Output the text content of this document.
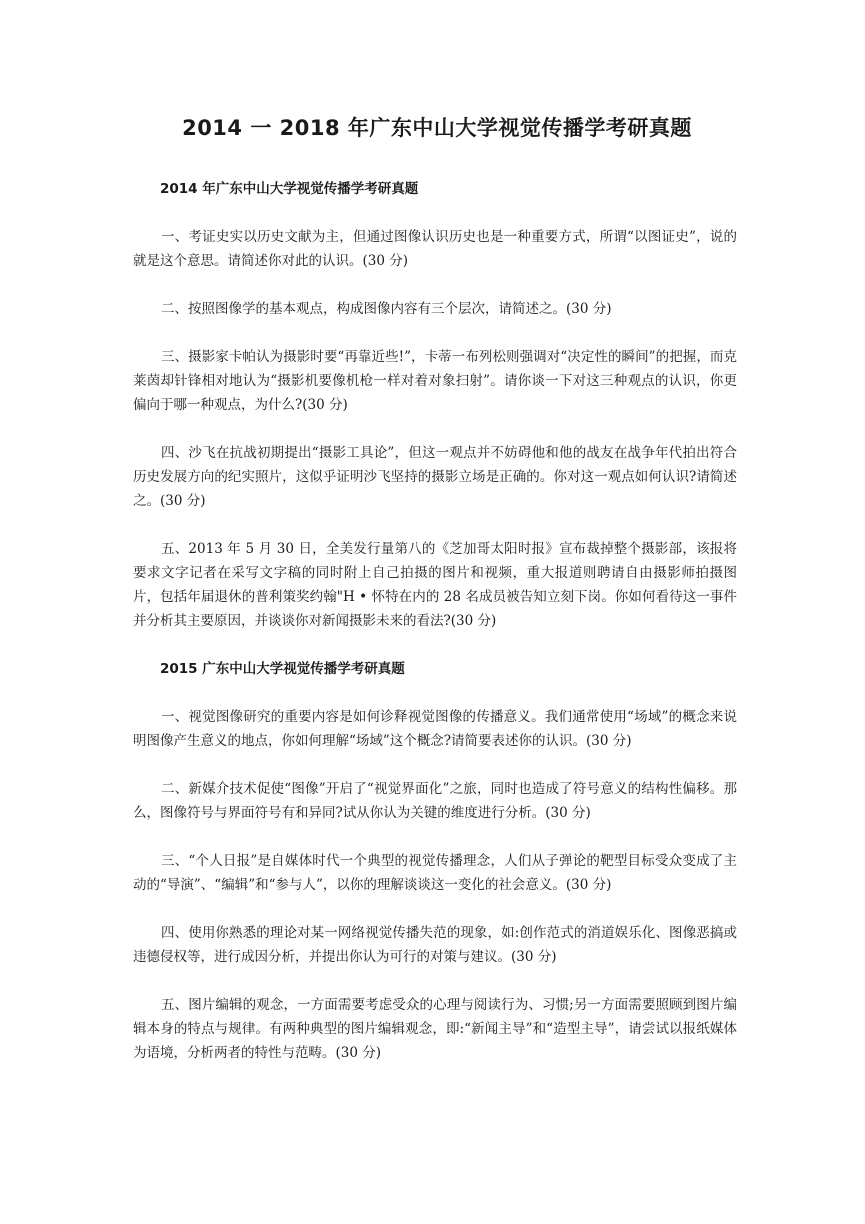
2014 一 2018 年广东中山大学视觉传播学考研真题
2014 年广东中山大学视觉传播学考研真题

一、考证史实以历史文献为主，但通过图像认识历史也是一种重要方式，所谓“以图证史”，说的就是这个意思。请简述你对此的认识。(30 分)

二、按照图像学的基本观点，构成图像内容有三个层次，请简述之。(30 分)

三、摄影家卡帕认为摄影时要“再靠近些!”，卡蒂一布列松则强调对“决定性的瞬间”的把握，而克莱茵却针锋相对地认为“摄影机要像机枪一样对着对象扫射”。请你谈一下对这三种观点的认识，你更偏向于哪一种观点，为什么?(30 分)

四、沙飞在抗战初期提出“摄影工具论”，但这一观点并不妨碍他和他的战友在战争年代拍出符合历史发展方向的纪实照片，这似乎证明沙飞坚持的摄影立场是正确的。你对这一观点如何认识?请简述之。(30 分)

五、2013 年 5 月 30 日，全美发行量第八的《芝加哥太阳时报》宣布裁掉整个摄影部，该报将要求文字记者在采写文字稿的同时附上自己拍摄的图片和视频，重大报道则聘请自由摄影师拍摄图片，包括年届退休的普利策奖约翰"H • 怀特在内的 28 名成员被告知立刻下岗。你如何看待这一事件并分析其主要原因，并谈谈你对新闻摄影未来的看法?(30 分)

2015 广东中山大学视觉传播学考研真题

一、视觉图像研究的重要内容是如何诊释视觉图像的传播意义。我们通常使用“场域”的概念来说明图像产生意义的地点，你如何理解“场域”这个概念?请简要表述你的认识。(30 分)

二、新媒介技术促使“图像”开启了“视觉界面化”之旅，同时也造成了符号意义的结构性偏移。那么，图像符号与界面符号有和异同?试从你认为关键的维度进行分析。(30 分)

三、“个人日报”是自媒体时代一个典型的视觉传播理念，人们从子弹论的靶型目标受众变成了主动的“导演”、“编辑”和“参与人”，以你的理解谈谈这一变化的社会意义。(30 分)

四、使用你熟悉的理论对某一网络视觉传播失范的现象，如:创作范式的消道娱乐化、图像恶搞或违德侵权等，进行成因分析，并提出你认为可行的对策与建议。(30 分)

五、图片编辑的观念，一方面需要考虑受众的心理与阅读行为、习惯;另一方面需要照顾到图片编辑本身的特点与规律。有两种典型的图片编辑观念，即:“新闻主导”和“造型主导”，请尝试以报纸媒体为语境，分析两者的特性与范畴。(30 分)
